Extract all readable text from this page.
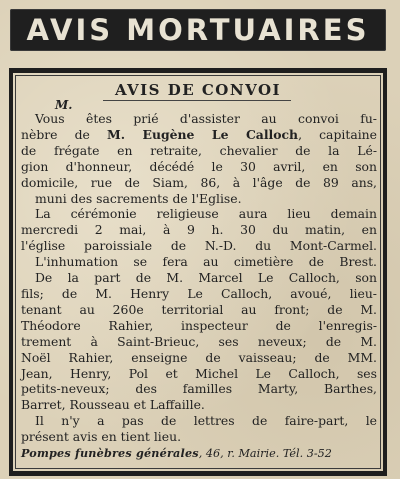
AVIS MORTUAIRES
AVIS DE CONVOI
M.
Vous êtes prié d'assister au convoi fu-
nèbre de M. Eugène Le Calloch, capitaine
de frégate en retraite, chevalier de la Lé-
gion d'honneur, décédé le 30 avril, en son
domicile, rue de Siam, 86, à l'âge de 89 ans,
muni des sacrements de l'Eglise.
La cérémonie religieuse aura lieu demain
mercredi 2 mai, à 9 h. 30 du matin, en
l'église paroissiale de N.-D. du Mont-Carmel.
L'inhumation se fera au cimetière de Brest.
De la part de M. Marcel Le Calloch, son
fils; de M. Henry Le Calloch, avoué, lieu-
tenant au 260e territorial au front; de M.
Théodore Rahier, inspecteur de l'enregis-
trement à Saint-Brieuc, ses neveux; de M.
Noël Rahier, enseigne de vaisseau; de MM.
Jean, Henry, Pol et Michel Le Calloch, ses
petits-neveux; des familles Marty, Barthes,
Barret, Rousseau et Laffaille.
Il n'y a pas de lettres de faire-part, le
présent avis en tient lieu.
Pompes funèbres générales, 46, r. Mairie. Tél. 3-52
